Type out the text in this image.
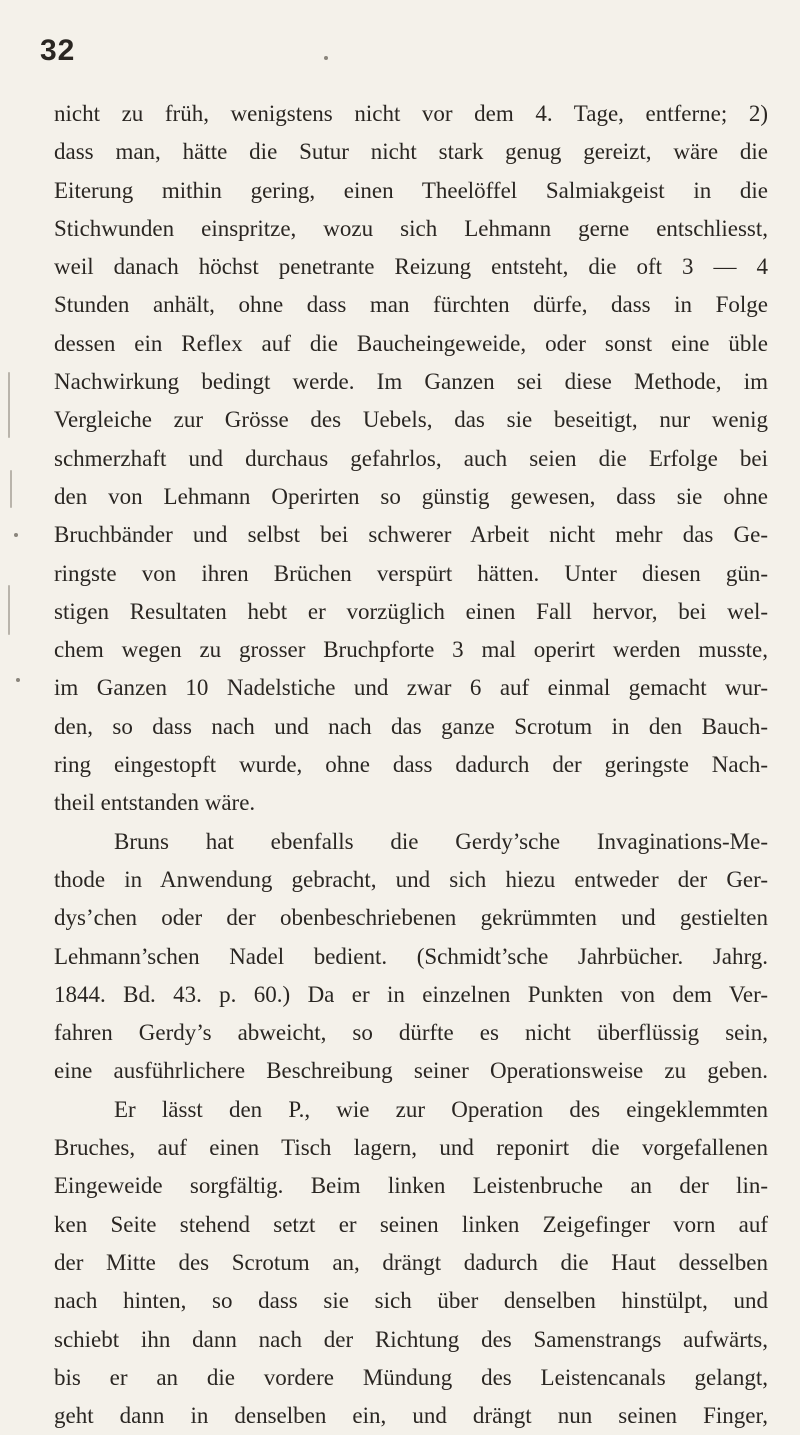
32
nicht zu früh, wenigstens nicht vor dem 4. Tage, entferne; 2)
dass man, hätte die Sutur nicht stark genug gereizt, wäre die
Eiterung mithin gering, einen Theelöffel Salmiakgeist in die
Stichwunden einspritze, wozu sich Lehmann gerne entschliesst,
weil danach höchst penetrante Reizung entsteht, die oft 3 — 4
Stunden anhält, ohne dass man fürchten dürfe, dass in Folge
dessen ein Reflex auf die Baucheingeweide, oder sonst eine üble
Nachwirkung bedingt werde. Im Ganzen sei diese Methode, im
Vergleiche zur Grösse des Uebels, das sie beseitigt, nur wenig
schmerzhaft und durchaus gefahrlos, auch seien die Erfolge bei
den von Lehmann Operirten so günstig gewesen, dass sie ohne
Bruchbänder und selbst bei schwerer Arbeit nicht mehr das Ge-
ringste von ihren Brüchen verspürt hätten. Unter diesen gün-
stigen Resultaten hebt er vorzüglich einen Fall hervor, bei wel-
chem wegen zu grosser Bruchpforte 3 mal operirt werden musste,
im Ganzen 10 Nadelstiche und zwar 6 auf einmal gemacht wur-
den, so dass nach und nach das ganze Scrotum in den Bauch-
ring eingestopft wurde, ohne dass dadurch der geringste Nach-
theil entstanden wäre.
Bruns hat ebenfalls die Gerdy’sche Invaginations-Me-
thode in Anwendung gebracht, und sich hiezu entweder der Ger-
dys’chen oder der obenbeschriebenen gekrümmten und gestielten
Lehmann’schen Nadel bedient. (Schmidt’sche Jahrbücher. Jahrg.
1844. Bd. 43. p. 60.) Da er in einzelnen Punkten von dem Ver-
fahren Gerdy’s abweicht, so dürfte es nicht überflüssig sein,
eine ausführlichere Beschreibung seiner Operationsweise zu geben.
Er lässt den P., wie zur Operation des eingeklemmten
Bruches, auf einen Tisch lagern, und reponirt die vorgefallenen
Eingeweide sorgfältig. Beim linken Leistenbruche an der lin-
ken Seite stehend setzt er seinen linken Zeigefinger vorn auf
der Mitte des Scrotum an, drängt dadurch die Haut desselben
nach hinten, so dass sie sich über denselben hinstülpt, und
schiebt ihn dann nach der Richtung des Samenstrangs aufwärts,
bis er an die vordere Mündung des Leistencanals gelangt,
geht dann in denselben ein, und drängt nun seinen Finger,
